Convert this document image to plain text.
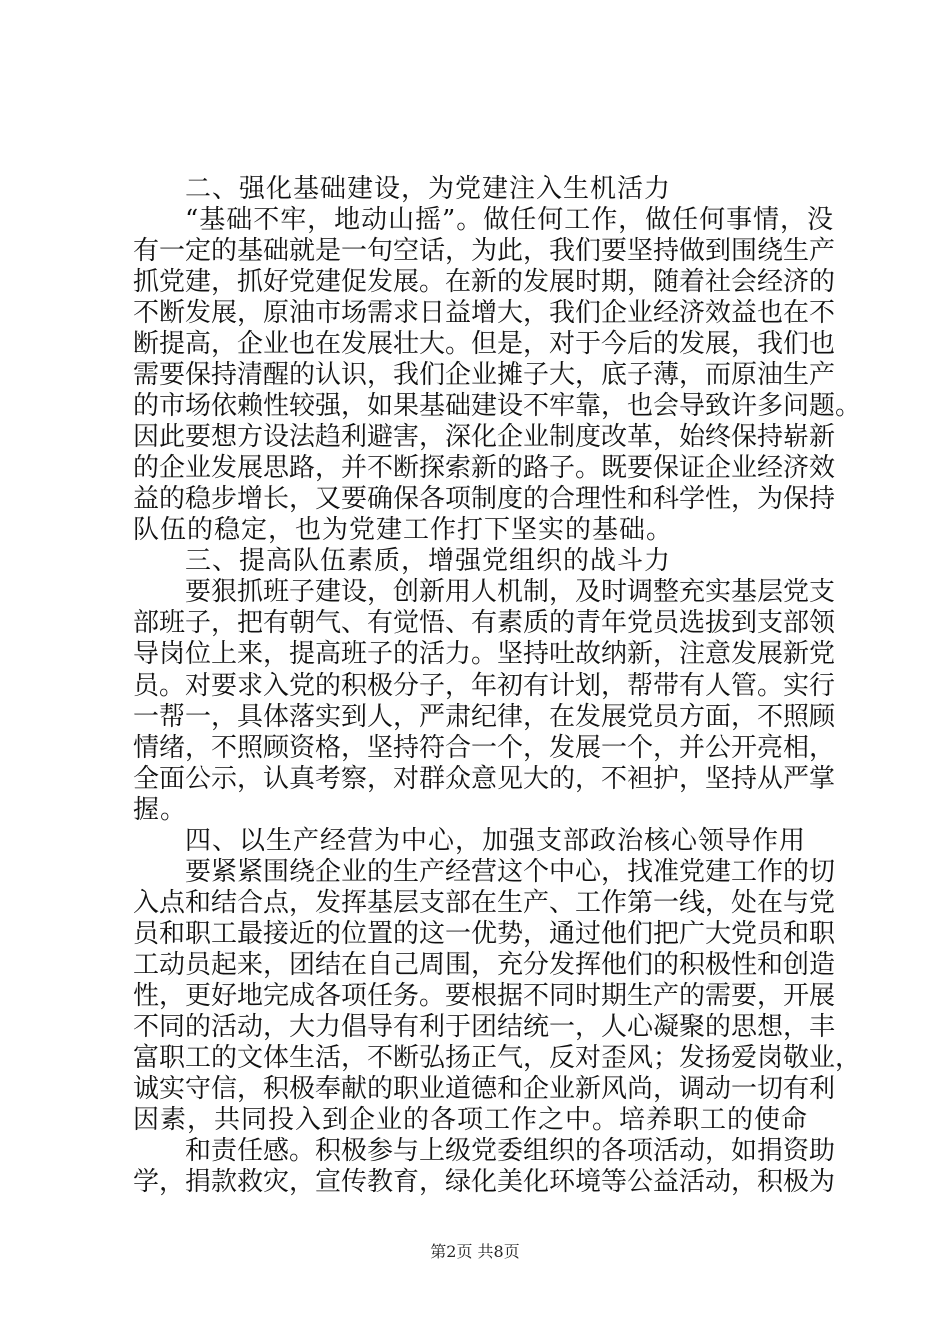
二、强化基础建设，为党建注入生机活力
“基础不牢，地动山摇”。做任何工作，做任何事情，没
有一定的基础就是一句空话，为此，我们要坚持做到围绕生产
抓党建，抓好党建促发展。在新的发展时期，随着社会经济的
不断发展，原油市场需求日益增大，我们企业经济效益也在不
断提高，企业也在发展壮大。但是，对于今后的发展，我们也
需要保持清醒的认识，我们企业摊子大，底子薄，而原油生产
的市场依赖性较强，如果基础建设不牢靠，也会导致许多问题。
因此要想方设法趋利避害，深化企业制度改革，始终保持崭新
的企业发展思路，并不断探索新的路子。既要保证企业经济效
益的稳步增长，又要确保各项制度的合理性和科学性，为保持
队伍的稳定，也为党建工作打下坚实的基础。
三、提高队伍素质，增强党组织的战斗力
要狠抓班子建设，创新用人机制，及时调整充实基层党支
部班子，把有朝气、有觉悟、有素质的青年党员选拔到支部领
导岗位上来，提高班子的活力。坚持吐故纳新，注意发展新党
员。对要求入党的积极分子，年初有计划，帮带有人管。实行
一帮一，具体落实到人，严肃纪律，在发展党员方面，不照顾
情绪，不照顾资格，坚持符合一个，发展一个，并公开亮相，
全面公示，认真考察，对群众意见大的，不袒护，坚持从严掌
握。
四、以生产经营为中心，加强支部政治核心领导作用
要紧紧围绕企业的生产经营这个中心，找准党建工作的切
入点和结合点，发挥基层支部在生产、工作第一线，处在与党
员和职工最接近的位置的这一优势，通过他们把广大党员和职
工动员起来，团结在自己周围，充分发挥他们的积极性和创造
性，更好地完成各项任务。要根据不同时期生产的需要，开展
不同的活动，大力倡导有利于团结统一，人心凝聚的思想，丰
富职工的文体生活，不断弘扬正气，反对歪风；发扬爱岗敬业，
诚实守信，积极奉献的职业道德和企业新风尚，调动一切有利
因素，共同投入到企业的各项工作之中。培养职工的使命
和责任感。积极参与上级党委组织的各项活动，如捐资助
学，捐款救灾，宣传教育，绿化美化环境等公益活动，积极为
第2页 共8页
